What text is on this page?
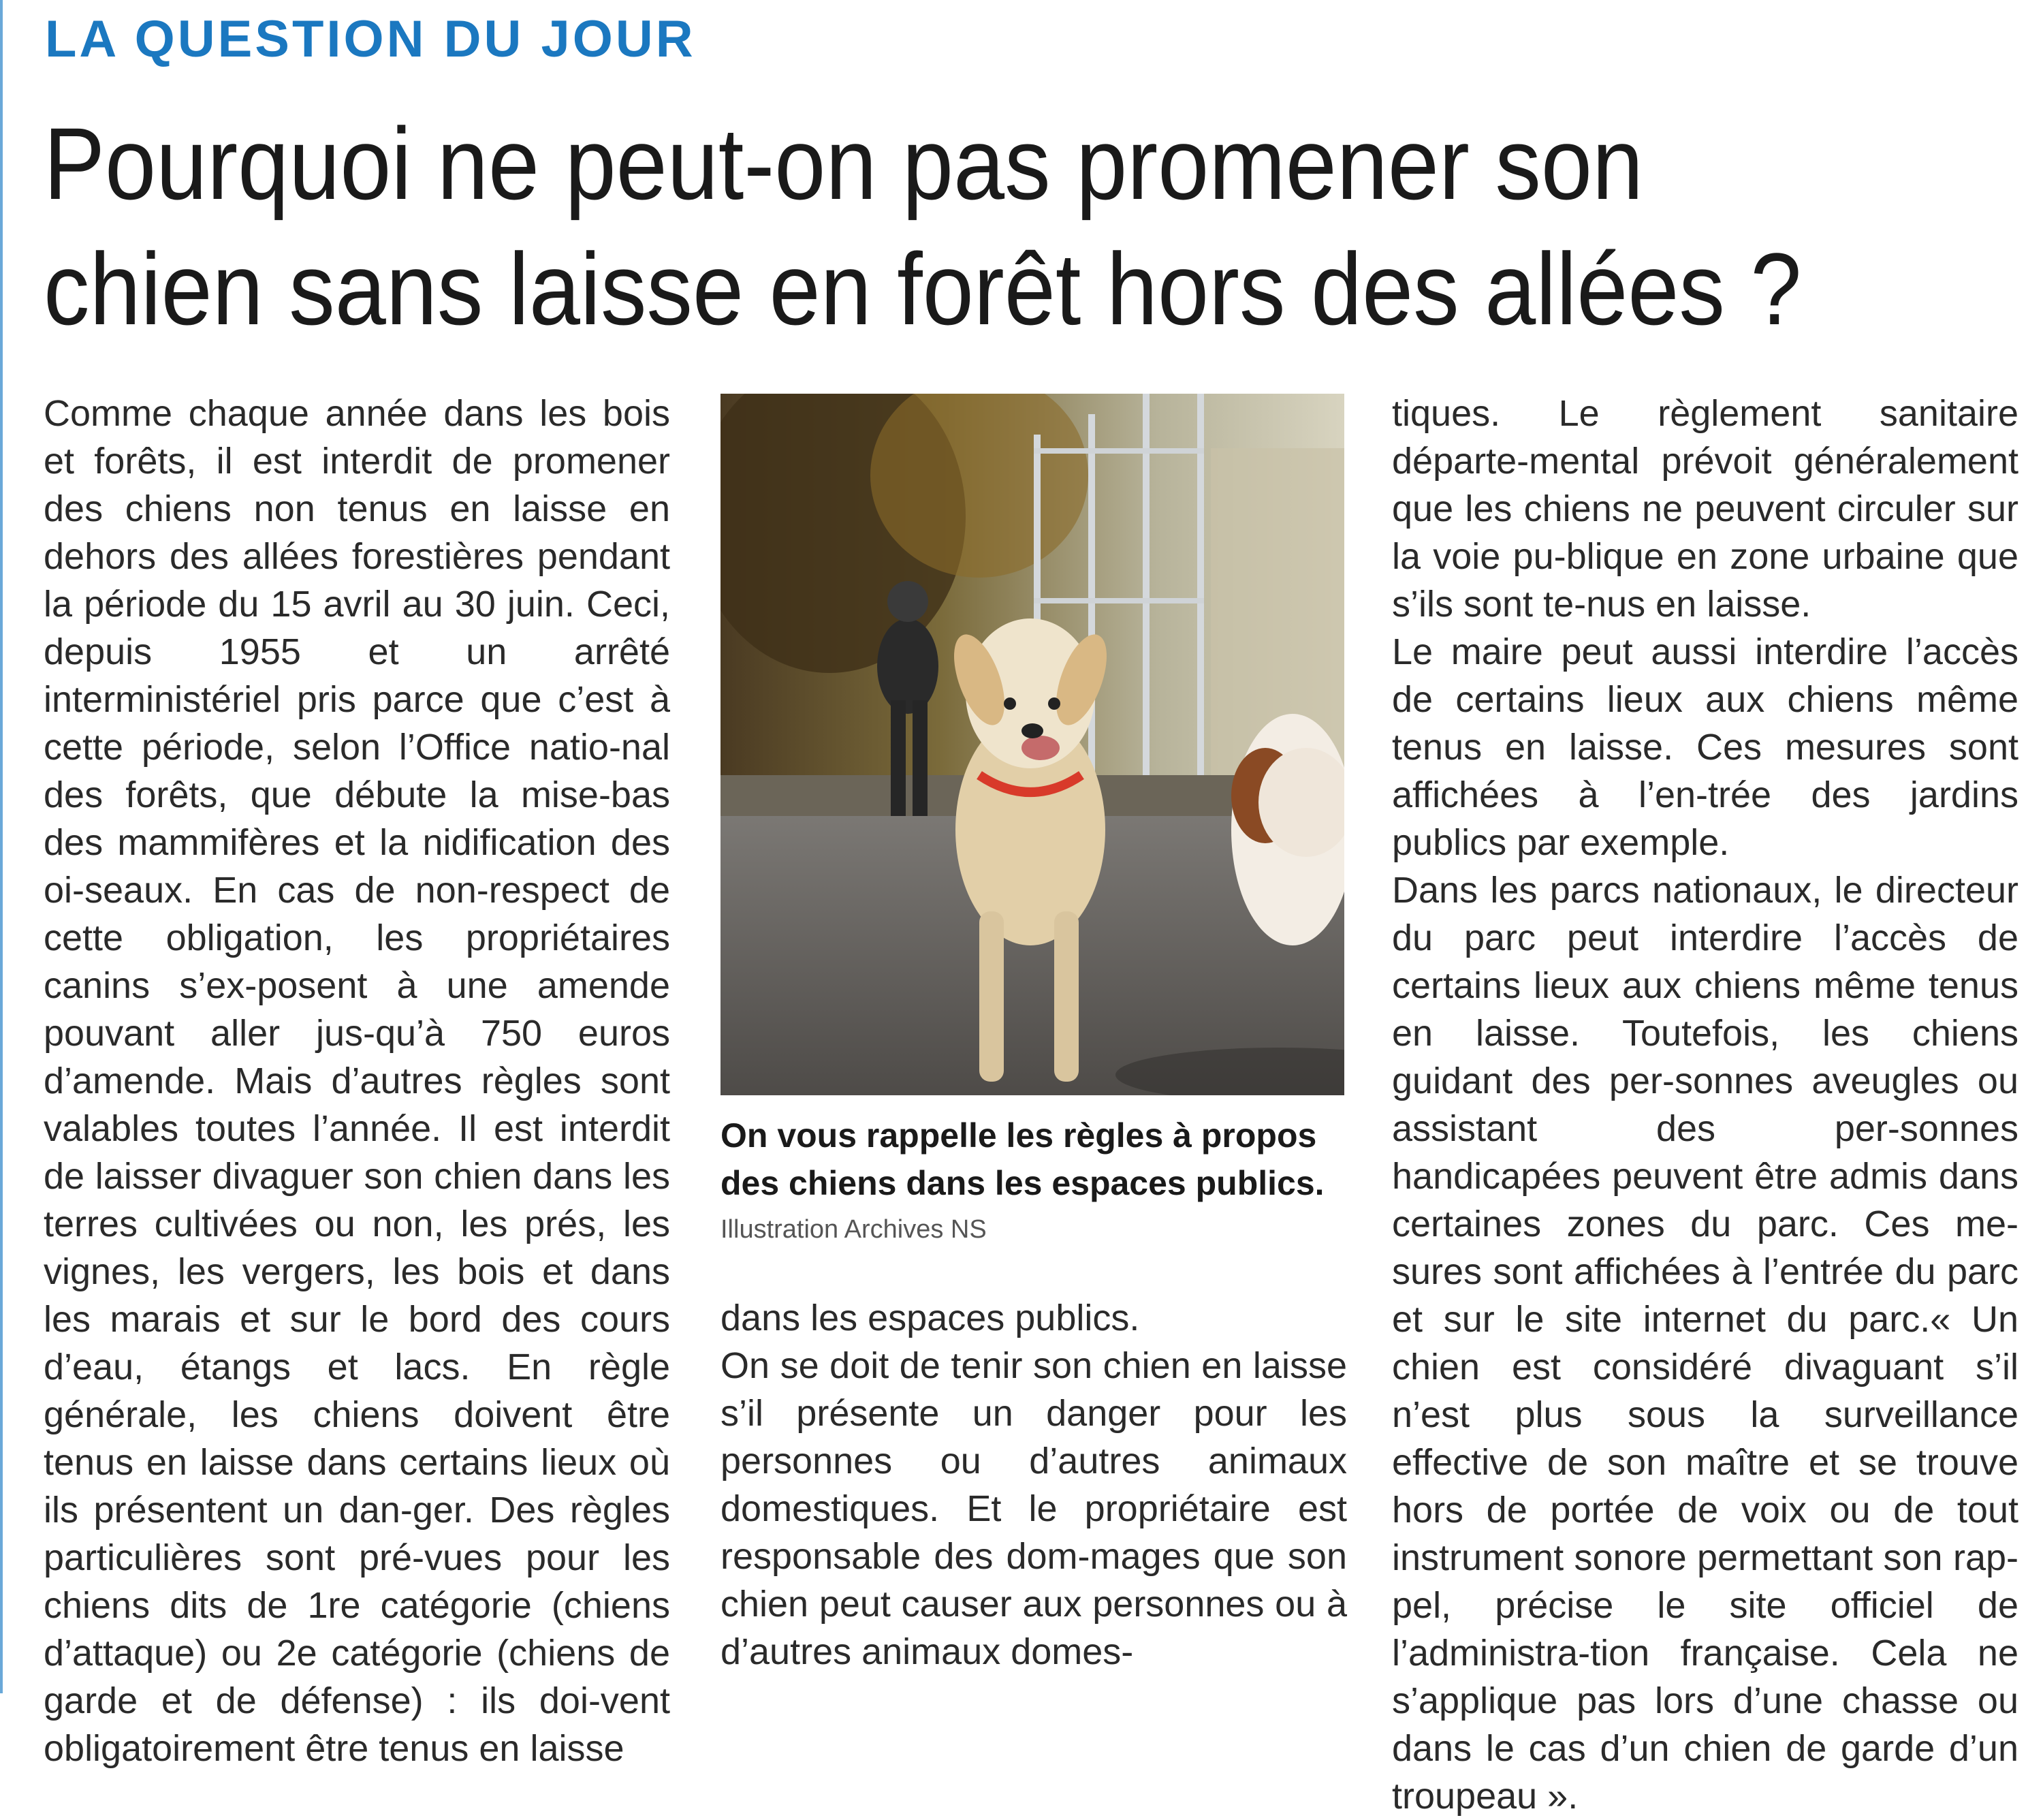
LA QUESTION DU JOUR
Pourquoi ne peut-on pas promener son
chien sans laisse en forêt hors des allées ?

Comme chaque année dans les bois et forêts, il est interdit de promener des chiens non tenus en laisse en dehors des allées forestières pendant la période du 15 avril au 30 juin. Ceci, depuis 1955 et un arrêté interministériel pris parce que c’est à cette période, selon l’Office natio-nal des forêts, que débute la mise-bas des mammifères et la nidification des oi-seaux. En cas de non-respect de cette obligation, les propriétaires canins s’ex-posent à une amende pouvant aller jus-qu’à 750 euros d’amende. Mais d’autres règles sont valables toutes l’année. Il est interdit de laisser divaguer son chien dans les terres cultivées ou non, les prés, les vignes, les vergers, les bois et dans les marais et sur le bord des cours d’eau, étangs et lacs. En règle générale, les chiens doivent être tenus en laisse dans certains lieux où ils présentent un dan-ger. Des règles particulières sont pré-vues pour les chiens dits de 1re catégorie (chiens d’attaque) ou 2e catégorie (chiens de garde et de défense) : ils doi-vent obligatoirement être tenus en laisse

On vous rappelle les règles à propos des chiens dans les espaces publics.
Illustration Archives NS

dans les espaces publics.

On se doit de tenir son chien en laisse s’il présente un danger pour les personnes ou d’autres animaux domestiques. Et le propriétaire est responsable des dom-mages que son chien peut causer aux personnes ou à d’autres animaux domes-

tiques. Le règlement sanitaire départe-mental prévoit généralement que les chiens ne peuvent circuler sur la voie pu-blique en zone urbaine que s’ils sont te-nus en laisse.

Le maire peut aussi interdire l’accès de certains lieux aux chiens même tenus en laisse. Ces mesures sont affichées à l’en-trée des jardins publics par exemple.

Dans les parcs nationaux, le directeur du parc peut interdire l’accès de certains lieux aux chiens même tenus en laisse. Toutefois, les chiens guidant des per-sonnes aveugles ou assistant des per-sonnes handicapées peuvent être admis dans certaines zones du parc. Ces me-sures sont affichées à l’entrée du parc et sur le site internet du parc.« Un chien est considéré divaguant s’il n’est plus sous la surveillance effective de son maître et se trouve hors de portée de voix ou de tout instrument sonore permettant son rap-pel, précise le site officiel de l’administra-tion française. Cela ne s’applique pas lors d’une chasse ou dans le cas d’un chien de garde d’un troupeau ».
